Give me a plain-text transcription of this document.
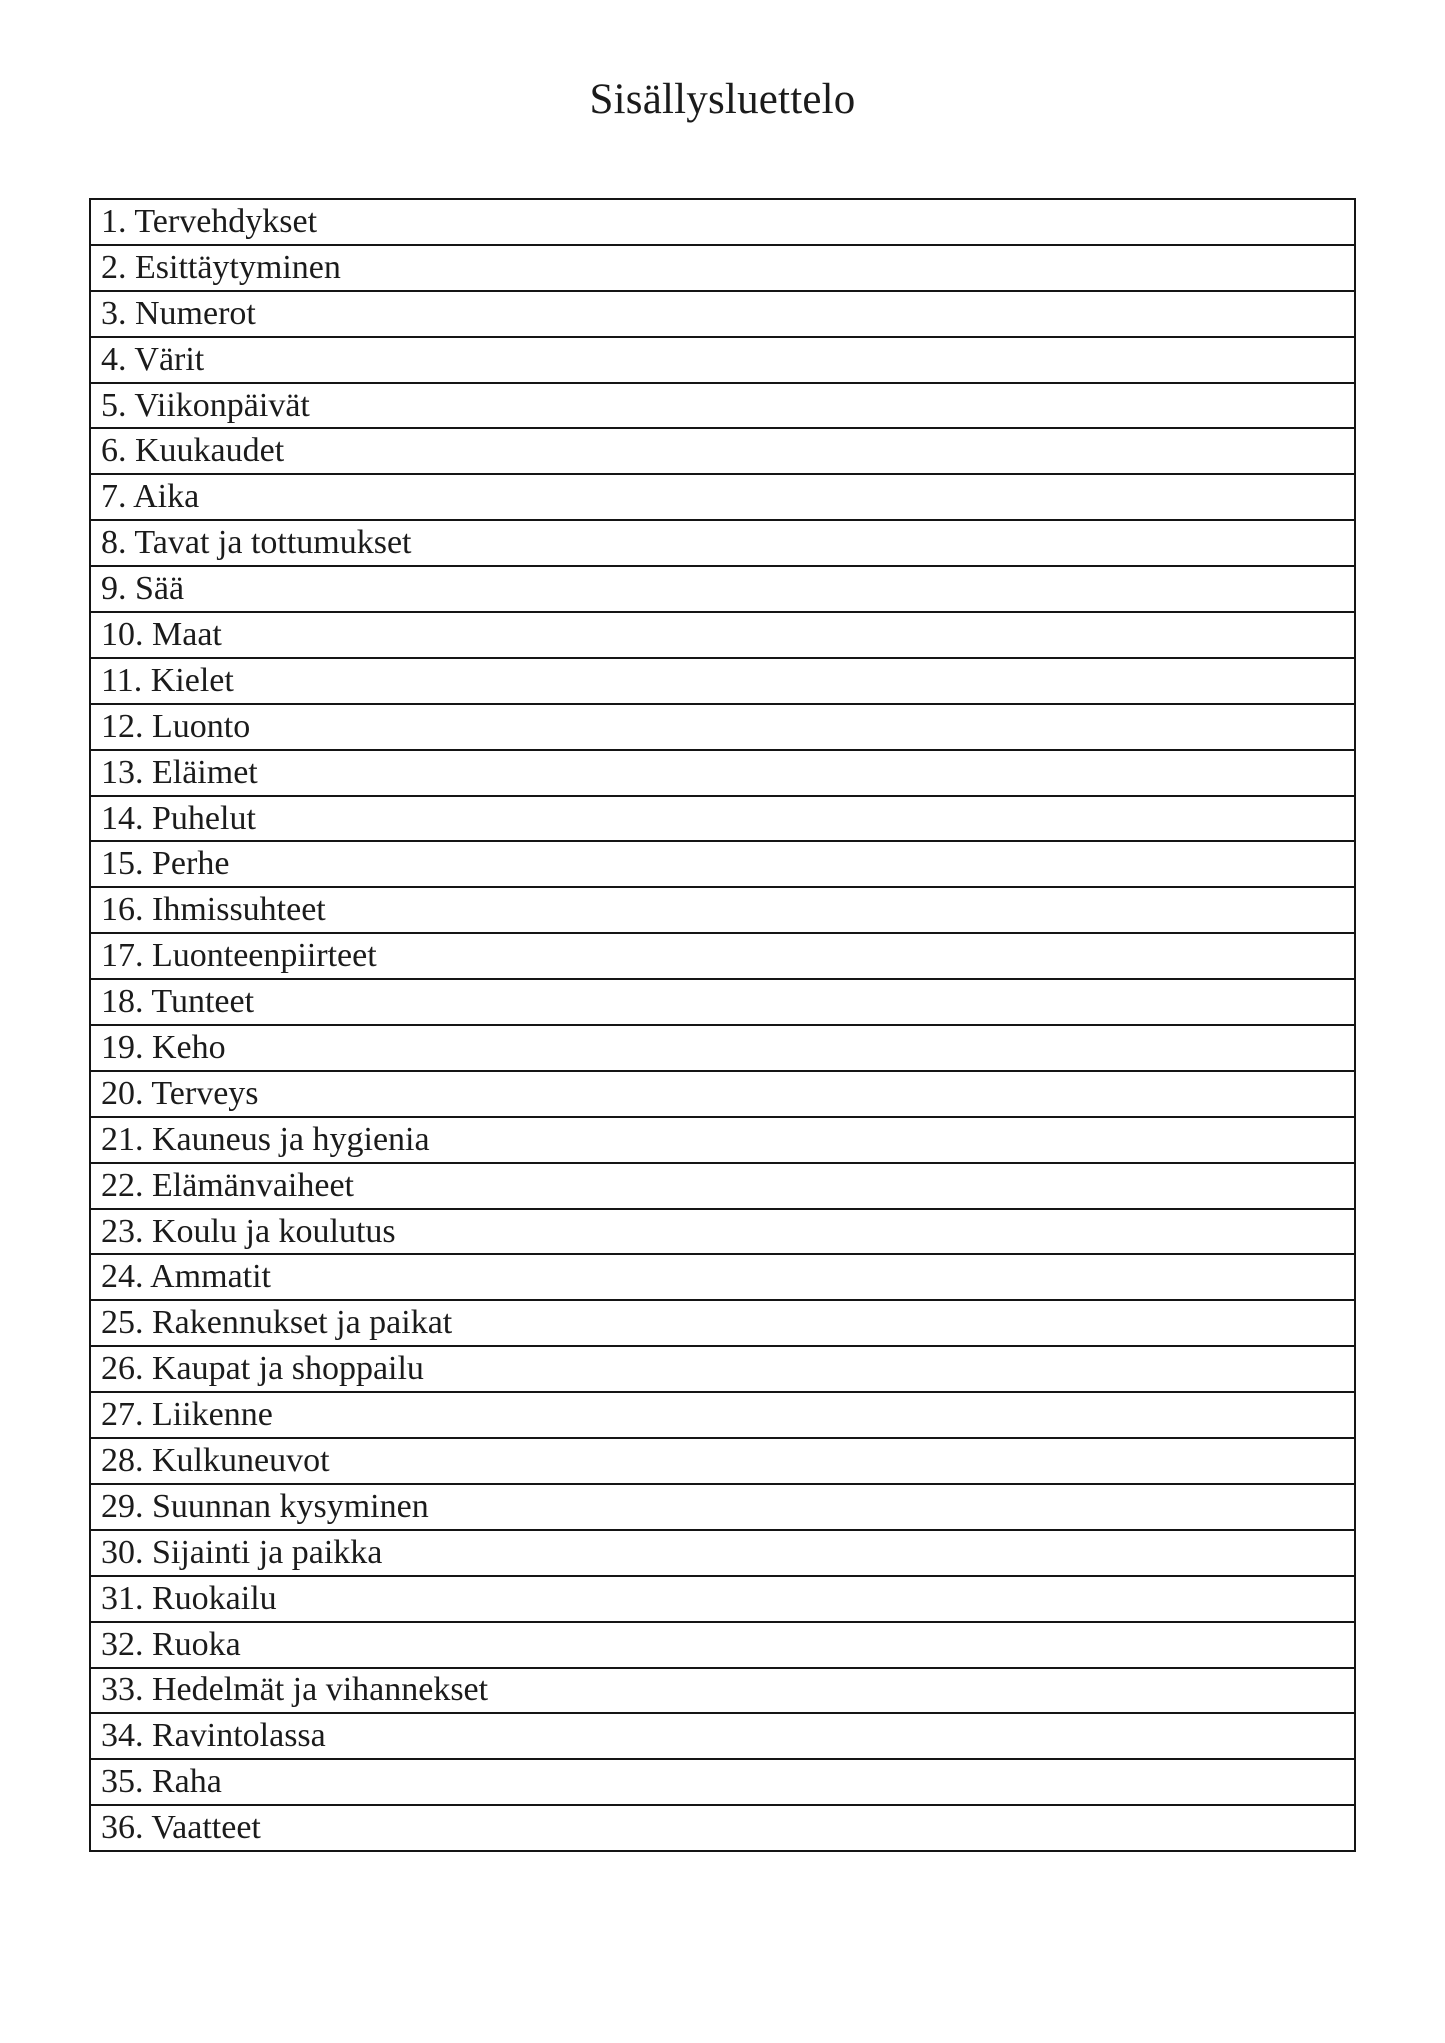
Sisällysluettelo
1. Tervehdykset
2. Esittäytyminen
3. Numerot
4. Värit
5. Viikonpäivät
6. Kuukaudet
7. Aika
8. Tavat ja tottumukset
9. Sää
10. Maat
11. Kielet
12. Luonto
13. Eläimet
14. Puhelut
15. Perhe
16. Ihmissuhteet
17. Luonteenpiirteet
18. Tunteet
19. Keho
20. Terveys
21. Kauneus ja hygienia
22. Elämänvaiheet
23. Koulu ja koulutus
24. Ammatit
25. Rakennukset ja paikat
26. Kaupat ja shoppailu
27. Liikenne
28. Kulkuneuvot
29. Suunnan kysyminen
30. Sijainti ja paikka
31. Ruokailu
32. Ruoka
33. Hedelmät ja vihannekset
34. Ravintolassa
35. Raha
36. Vaatteet
